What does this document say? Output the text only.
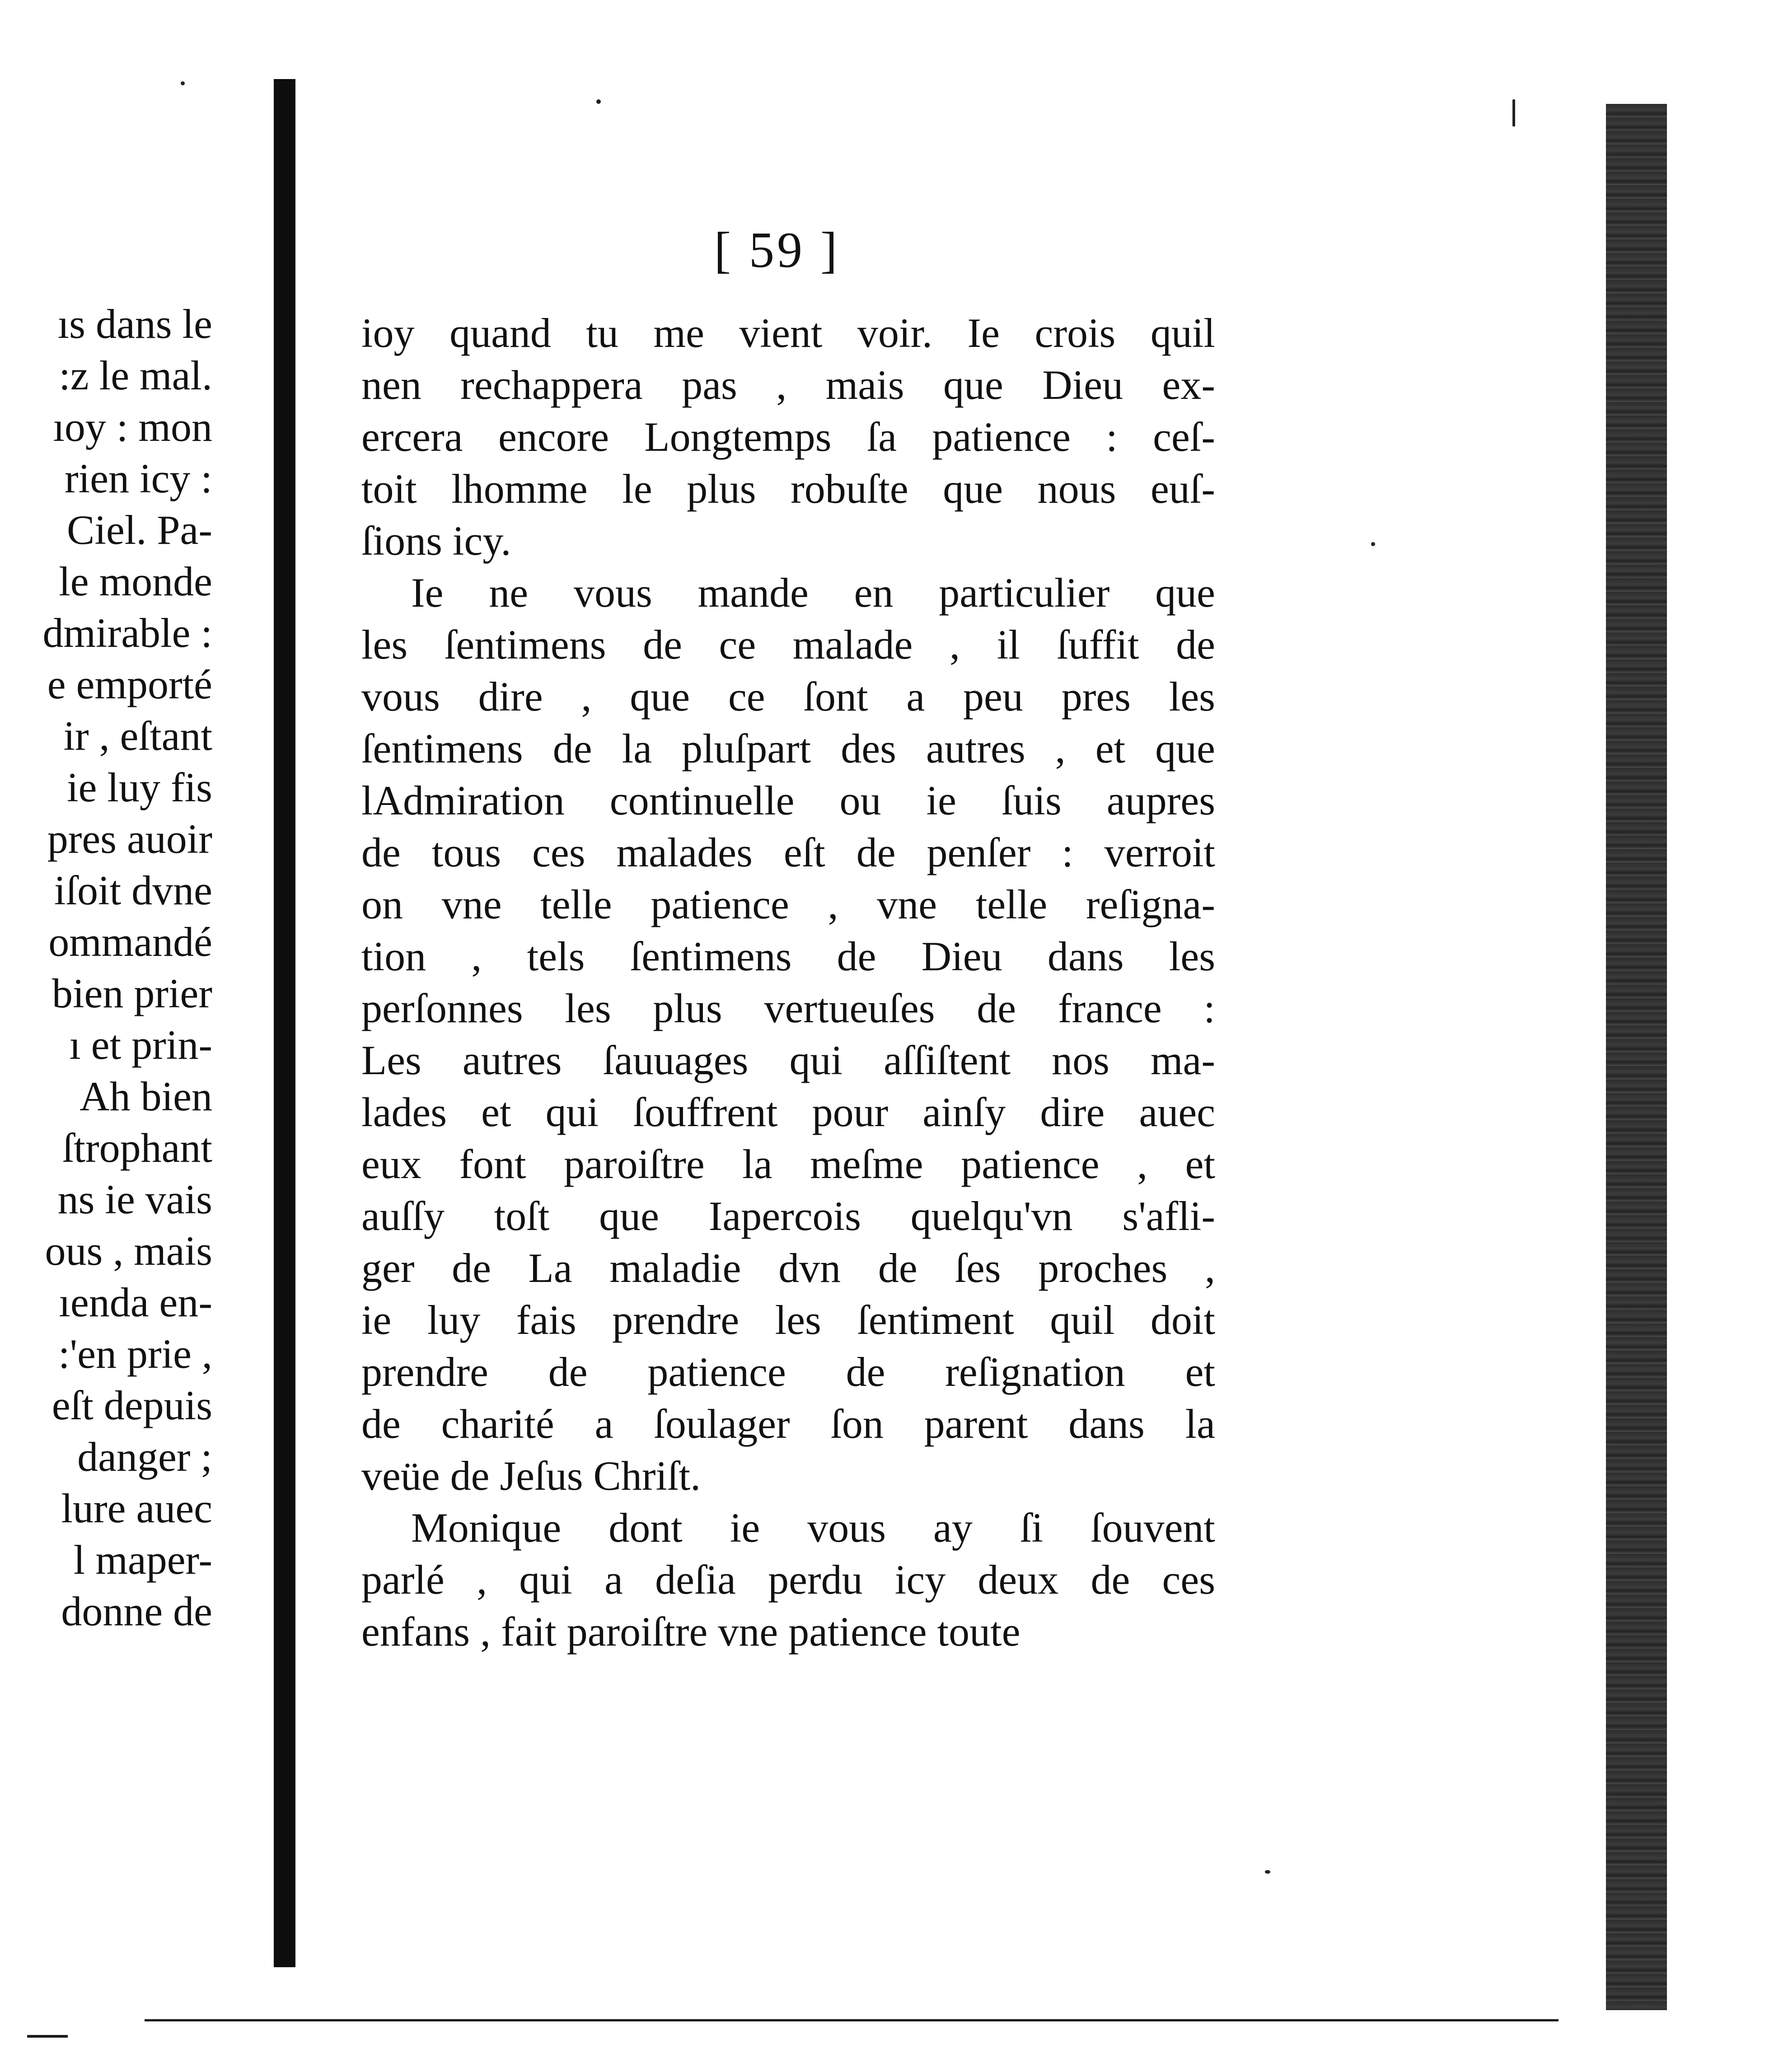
[ 59 ]
ıs dans le
:z le mal.
ıoy : mon
rien icy :
Ciel. Pa-
le monde
dmirable :
e emporté
ir , eſtant
ie luy fis
pres auoir
iſoit dvne
ommandé
bien prier
ı et prin-
Ah bien
ſtrophant
ns ie vais
ous , mais
ıenda en-
:'en prie ,
eſt depuis
danger ;
lure auec
l maper-
donne de
ioy quand tu me vient voir. Ie crois quil
nen rechappera pas , mais que Dieu ex-
ercera encore Longtemps ſa patience : ceſ-
toit lhomme le plus robuſte que nous euſ-
ſions icy.
Ie ne vous mande en particulier que
les ſentimens de ce malade , il ſuffit de
vous dire , que ce ſont a peu pres les
ſentimens de la pluſpart des autres , et que
lAdmiration continuelle ou ie ſuis aupres
de tous ces malades eſt de penſer : verroit
on vne telle patience , vne telle reſigna-
tion , tels ſentimens de Dieu dans les
perſonnes les plus vertueuſes de france :
Les autres ſauuages qui aſſiſtent nos ma-
lades et qui ſouffrent pour ainſy dire auec
eux font paroiſtre la meſme patience , et
auſſy toſt que Iapercois quelqu'vn s'afli-
ger de La maladie dvn de ſes proches ,
ie luy fais prendre les ſentiment quil doit
prendre de patience de reſignation et
de charité a ſoulager ſon parent dans la
veüe de Jeſus Chriſt.
Monique dont ie vous ay ſi ſouvent
parlé , qui a deſia perdu icy deux de ces
enfans , fait paroiſtre vne patience toute
